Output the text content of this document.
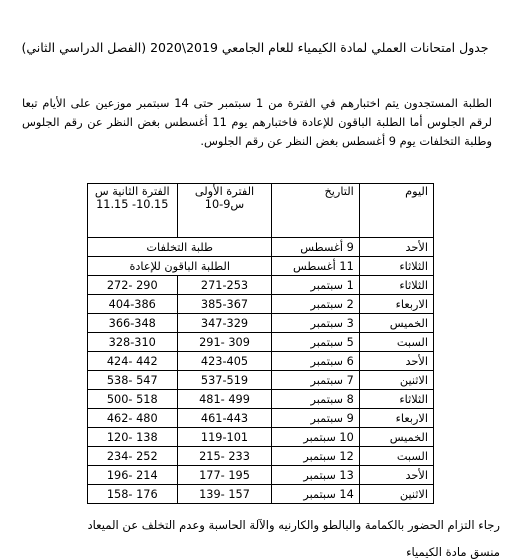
جدول امتحانات العملي لمادة الكيمياء للعام الجامعي 2019\2020 (الفصل الدراسي الثاني)

الطلبة المستجدون يتم اختبارهم في الفترة من 1 سبتمبر حتى 14 سبتمبر موزعين على الأيام تبعا لرقم الجلوس أما الطلبة الباقون للإعادة فاختبارهم يوم 11 أغسطس بغض النظر عن رقم الجلوس وطلبة التخلفات يوم 9 أغسطس بغض النظر عن رقم الجلوس.

اليوم	التاريخ	الفترة الأولى س9-10	الفترة الثانية س 10.15- 11.15
الأحد	9 أغسطس	طلبة التخلفات	
الثلاثاء	11 أغسطس	الطلبة الباقون للإعادة	
الثلاثاء	1 سبتمبر	271-253	290 -272
الاربعاء	2 سبتمبر	385-367	404-386
الخميس	3 سبتمبر	347-329	366-348
السبت	5 سبتمبر	309 -291	328-310
الأحد	6 سبتمبر	423-405	442 -424
الاثنين	7 سبتمبر	537-519	547 -538
الثلاثاء	8 سبتمبر	499 -481	518 -500
الاربعاء	9 سبتمبر	461-443	480 -462
الخميس	10 سبتمبر	119-101	138 -120
السبت	12 سبتمبر	233 -215	252 -234
الأحد	13 سبتمبر	195 -177	214 -196
الاثنين	14 سبتمبر	157 -139	176 -158
رجاء التزام الحضور بالكمامة والبالطو والكارنيه والآلة الحاسبة وعدم التخلف عن الميعاد
منسق مادة الكيمياء
